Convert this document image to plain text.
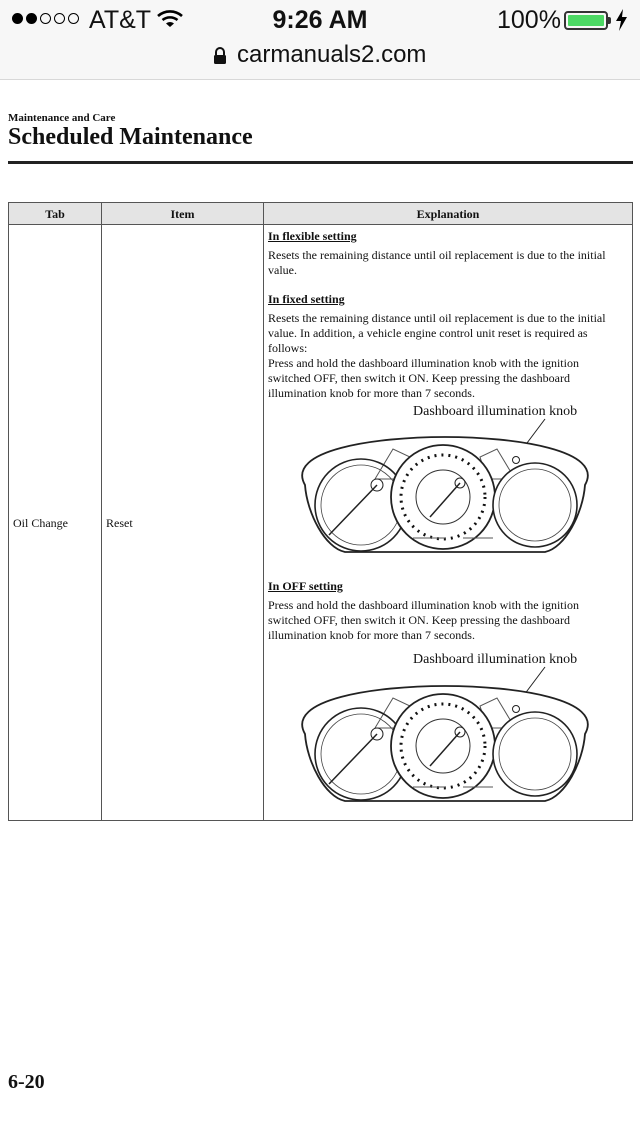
AT&T	9:26 AM	100%
carmanuals2.com
Maintenance and Care
Scheduled Maintenance
Tab	Item	Explanation
Oil Change	Reset

In flexible setting

Resets the remaining distance until oil replacement is due to the initial value.

In fixed setting

Resets the remaining distance until oil replacement is due to the initial value. In addition, a vehicle engine control unit reset is required as follows:

Press and hold the dashboard illumination knob with the ignition switched OFF, then switch it ON. Keep pressing the dashboard illumination knob for more than 7 seconds.

Dashboard illumination knob

In OFF setting

Press and hold the dashboard illumination knob with the ignition switched OFF, then switch it ON. Keep pressing the dashboard illumination knob for more than 7 seconds.

Dashboard illumination knob
6-20
